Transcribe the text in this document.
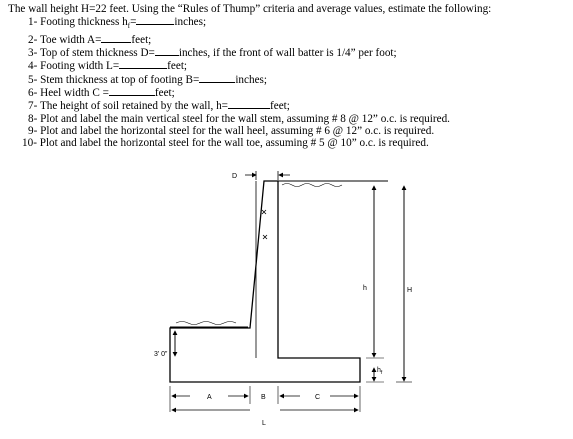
The wall height H=22 feet. Using the “Rules of Thump” criteria and average values, estimate the following:
1- Footing thickness $h_f=$	inches;
2- Toe width A=	feet;
3- Top of stem thickness D= inches, if the front of wall batter is 1/4” per foot;
4- Footing width L=	feet;
5- Stem thickness at top of footing B=	inches;
6- Heel width C =	feet;
7- The height of soil retained by the wall, h=	feet;
8- Plot and label the main vertical steel for the wall stem, assuming # 8 @ 12” o.c. is required.
9- Plot and label the horizontal steel for the wall heel, assuming # 6 @ 12” o.c. is required.
10- Plot and label the horizontal steel for the wall toe, assuming # 5 @ 10” o.c. is required.
D
h
$h_f$
H
3’ 0”
A	B	C
L
